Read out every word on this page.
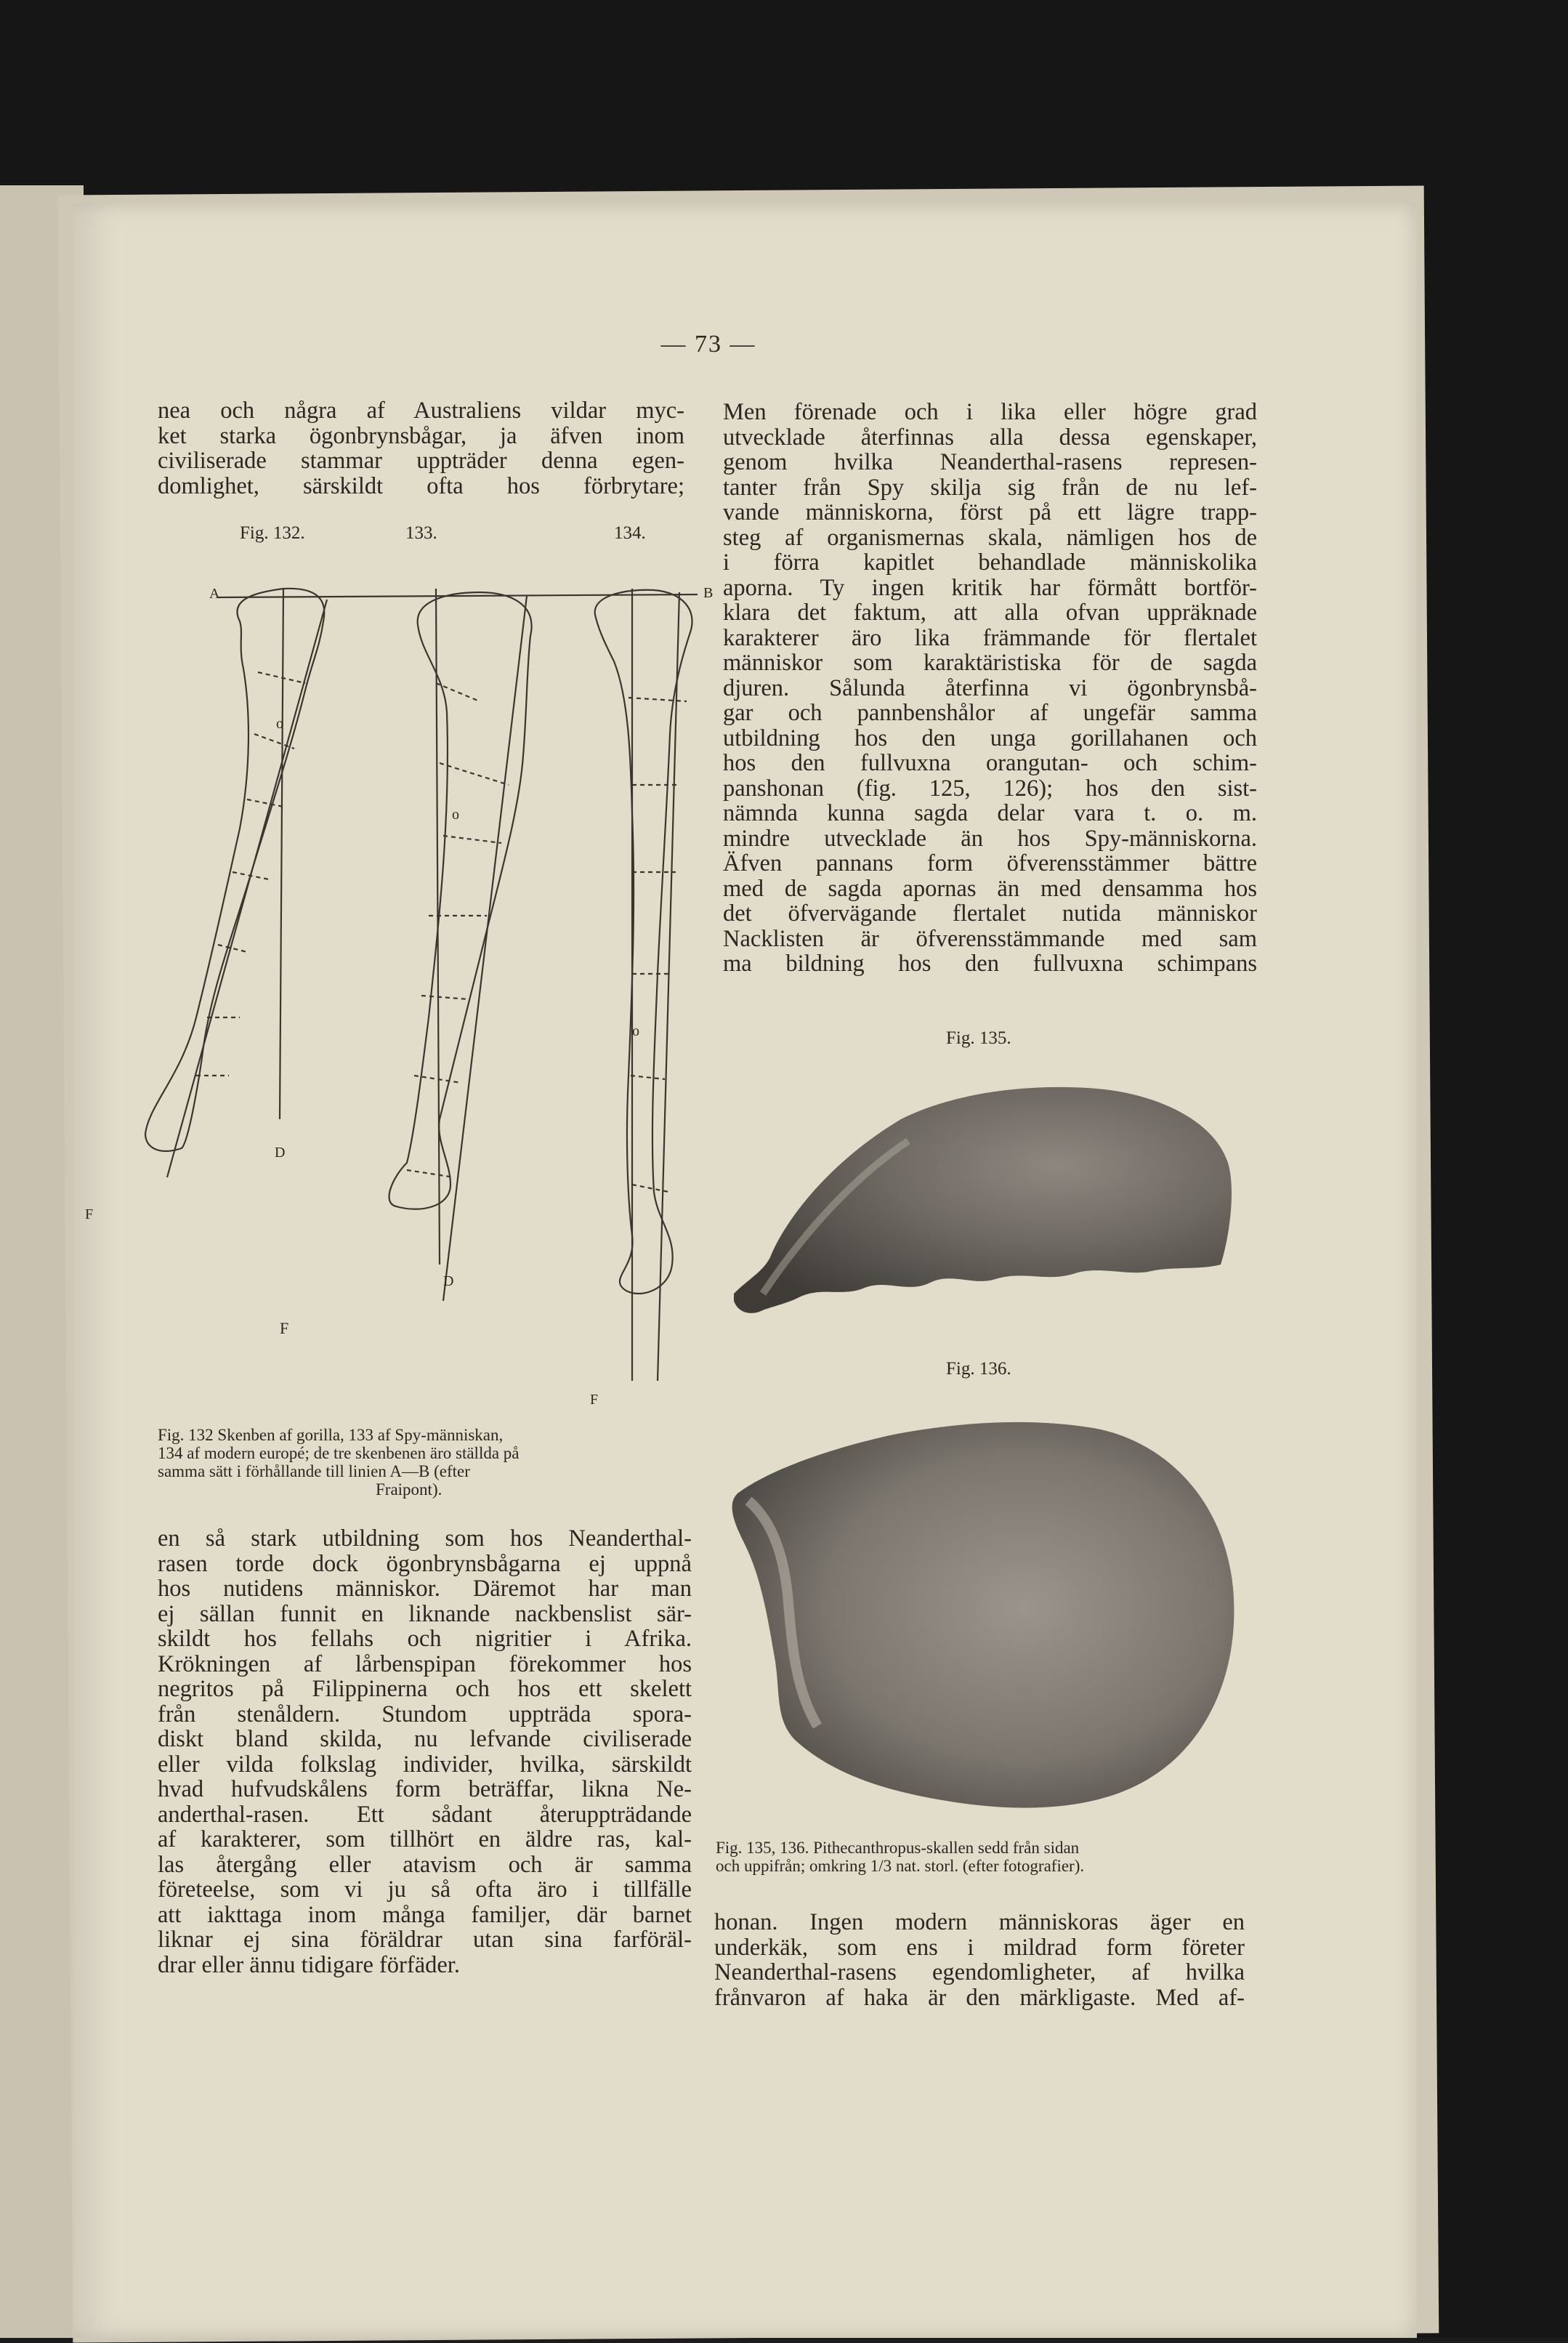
— 73 —

nea och några af Australiens vildar myc-

ket starka ögonbrynsbågar, ja äfven inom

civiliserade stammar uppträder denna egen-

domlighet, särskildt ofta hos förbrytare;

Fig. 132.	133.	134.
A	B
D
D
F
F
F
o
o
o
Fig. 132 Skenben af gorilla, 133 af Spy-människan,
134 af modern europé; de tre skenbenen äro ställda på
samma sätt i förhållande till linien A—B (efter
Fraipont).

en så stark utbildning som hos Neanderthal-

rasen torde dock ögonbrynsbågarna ej uppnå

hos nutidens människor. Däremot har man

ej sällan funnit en liknande nackbenslist sär-

skildt hos fellahs och nigritier i Afrika.

Krökningen af lårbenspipan förekommer hos

negritos på Filippinerna och hos ett skelett

från stenåldern. Stundom uppträda spora-

diskt bland skilda, nu lefvande civiliserade

eller vilda folkslag individer, hvilka, särskildt

hvad hufvudskålens form beträffar, likna Ne-

anderthal-rasen. Ett sådant återuppträdande

af karakterer, som tillhört en äldre ras, kal-

las återgång eller atavism och är samma

företeelse, som vi ju så ofta äro i tillfälle

att iakttaga inom många familjer, där barnet

liknar ej sina föräldrar utan sina farföräl-

drar eller ännu tidigare förfäder.

Men förenade och i lika eller högre grad

utvecklade återfinnas alla dessa egenskaper,

genom hvilka Neanderthal-rasens represen-

tanter från Spy skilja sig från de nu lef-

vande människorna, först på ett lägre trapp-

steg af organismernas skala, nämligen hos de

i förra kapitlet behandlade människolika

aporna. Ty ingen kritik har förmått bortför-

klara det faktum, att alla ofvan uppräknade

karakterer äro lika främmande för flertalet

människor som karaktäristiska för de sagda

djuren. Sålunda återfinna vi ögonbrynsbå-

gar och pannbenshålor af ungefär samma

utbildning hos den unga gorillahanen och

hos den fullvuxna orangutan- och schim-

panshonan (fig. 125, 126); hos den sist-

nämnda kunna sagda delar vara t. o. m.

mindre utvecklade än hos Spy-människorna.

Äfven pannans form öfverensstämmer bättre

med de sagda apornas än med densamma hos

det öfvervägande flertalet nutida människor

Nacklisten är öfverensstämmande med sam

ma bildning hos den fullvuxna schimpans

Fig. 135.
Fig. 136.
Fig. 135, 136. Pithecanthropus-skallen sedd från sidan
och uppifrån; omkring 1/3 nat. storl. (efter fotografier).

honan. Ingen modern människoras äger en

underkäk, som ens i mildrad form företer

Neanderthal-rasens egendomligheter, af hvilka

frånvaron af haka är den märkligaste. Med af-
